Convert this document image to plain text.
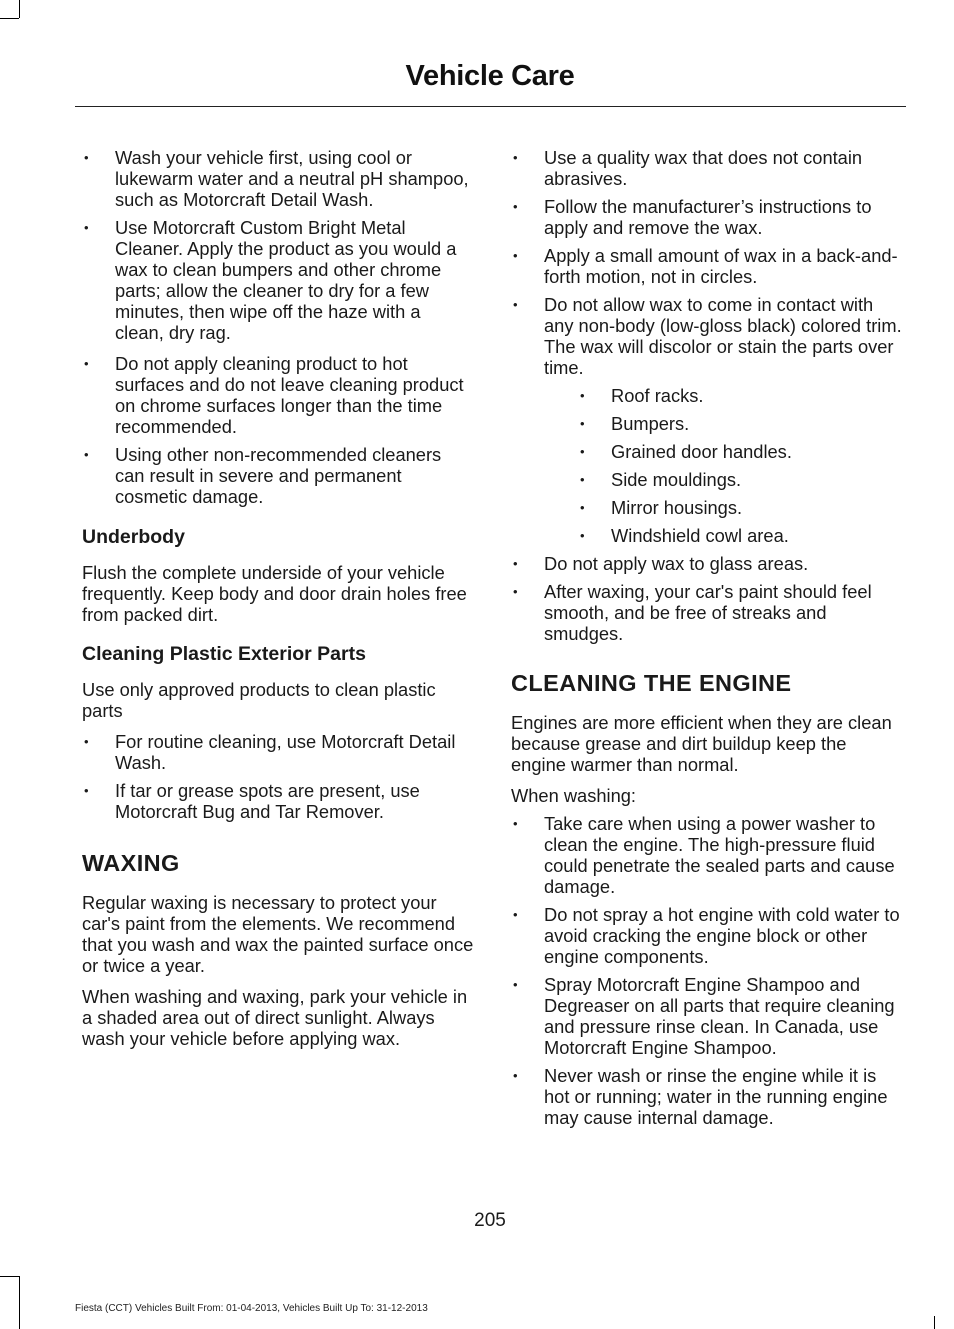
Vehicle Care
• Wash your vehicle first, using cool or lukewarm water and a neutral pH shampoo, such as Motorcraft Detail Wash.
• Use Motorcraft Custom Bright Metal Cleaner. Apply the product as you would a wax to clean bumpers and other chrome parts; allow the cleaner to dry for a few minutes, then wipe off the haze with a clean, dry rag.
• Do not apply cleaning product to hot surfaces and do not leave cleaning product on chrome surfaces longer than the time recommended.
• Using other non-recommended cleaners can result in severe and permanent cosmetic damage.
Underbody

Flush the complete underside of your vehicle frequently. Keep body and door drain holes free from packed dirt.

Cleaning Plastic Exterior Parts

Use only approved products to clean plastic parts

• For routine cleaning, use Motorcraft Detail Wash.
• If tar or grease spots are present, use Motorcraft Bug and Tar Remover.
WAXING

Regular waxing is necessary to protect your car's paint from the elements. We recommend that you wash and wax the painted surface once or twice a year.

When washing and waxing, park your vehicle in a shaded area out of direct sunlight. Always wash your vehicle before applying wax.

• Use a quality wax that does not contain abrasives.
• Follow the manufacturer’s instructions to apply and remove the wax.
• Apply a small amount of wax in a back-and-forth motion, not in circles.
• Do not allow wax to come in contact with any non-body (low-gloss black) colored trim. The wax will discolor or stain the parts over time.
• Roof racks.
• Bumpers.
• Grained door handles.
• Side mouldings.
• Mirror housings.
• Windshield cowl area.
• Do not apply wax to glass areas.
• After waxing, your car's paint should feel smooth, and be free of streaks and smudges.
CLEANING THE ENGINE

Engines are more efficient when they are clean because grease and dirt buildup keep the engine warmer than normal.

When washing:

• Take care when using a power washer to clean the engine. The high-pressure fluid could penetrate the sealed parts and cause damage.
• Do not spray a hot engine with cold water to avoid cracking the engine block or other engine components.
• Spray Motorcraft Engine Shampoo and Degreaser on all parts that require cleaning and pressure rinse clean. In Canada, use Motorcraft Engine Shampoo.
• Never wash or rinse the engine while it is hot or running; water in the running engine may cause internal damage.
205
Fiesta (CCT) Vehicles Built From: 01-04-2013, Vehicles Built Up To: 31-12-2013
